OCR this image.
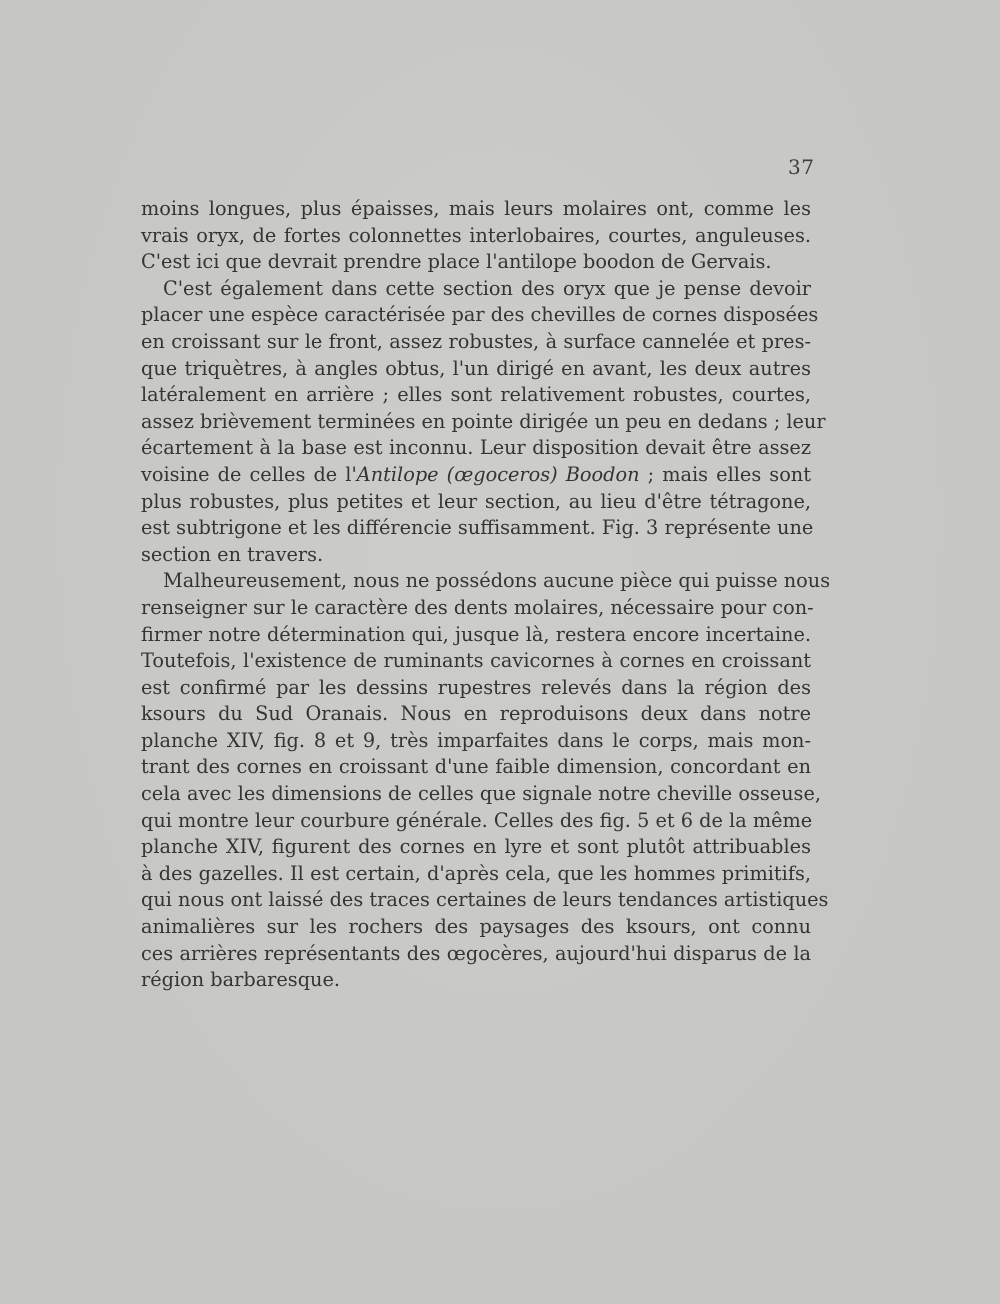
37

moins longues, plus épaisses, mais leurs molaires ont, comme les
vrais oryx, de fortes colonnettes interlobaires, courtes, anguleuses.
C'est ici que devrait prendre place l'antilope boodon de Gervais.

C'est également dans cette section des oryx que je pense devoir
placer une espèce caractérisée par des chevilles de cornes disposées
en croissant sur le front, assez robustes, à surface cannelée et pres-
que triquètres, à angles obtus, l'un dirigé en avant, les deux autres
latéralement en arrière ; elles sont relativement robustes, courtes,
assez brièvement terminées en pointe dirigée un peu en dedans ; leur
écartement à la base est inconnu. Leur disposition devait être assez
voisine de celles de l'Antilope (œgoceros) Boodon ; mais elles sont
plus robustes, plus petites et leur section, au lieu d'être tétragone,
est subtrigone et les différencie suffisamment. Fig. 3 représente une
section en travers.

Malheureusement, nous ne possédons aucune pièce qui puisse nous
renseigner sur le caractère des dents molaires, nécessaire pour con-
firmer notre détermination qui, jusque là, restera encore incertaine.
Toutefois, l'existence de ruminants cavicornes à cornes en croissant
est confirmé par les dessins rupestres relevés dans la région des
ksours du Sud Oranais. Nous en reproduisons deux dans notre
planche XIV, fig. 8 et 9, très imparfaites dans le corps, mais mon-
trant des cornes en croissant d'une faible dimension, concordant en
cela avec les dimensions de celles que signale notre cheville osseuse,
qui montre leur courbure générale. Celles des fig. 5 et 6 de la même
planche XIV, figurent des cornes en lyre et sont plutôt attribuables
à des gazelles. Il est certain, d'après cela, que les hommes primitifs,
qui nous ont laissé des traces certaines de leurs tendances artistiques
animalières sur les rochers des paysages des ksours, ont connu
ces arrières représentants des œgocères, aujourd'hui disparus de la
région barbaresque.
